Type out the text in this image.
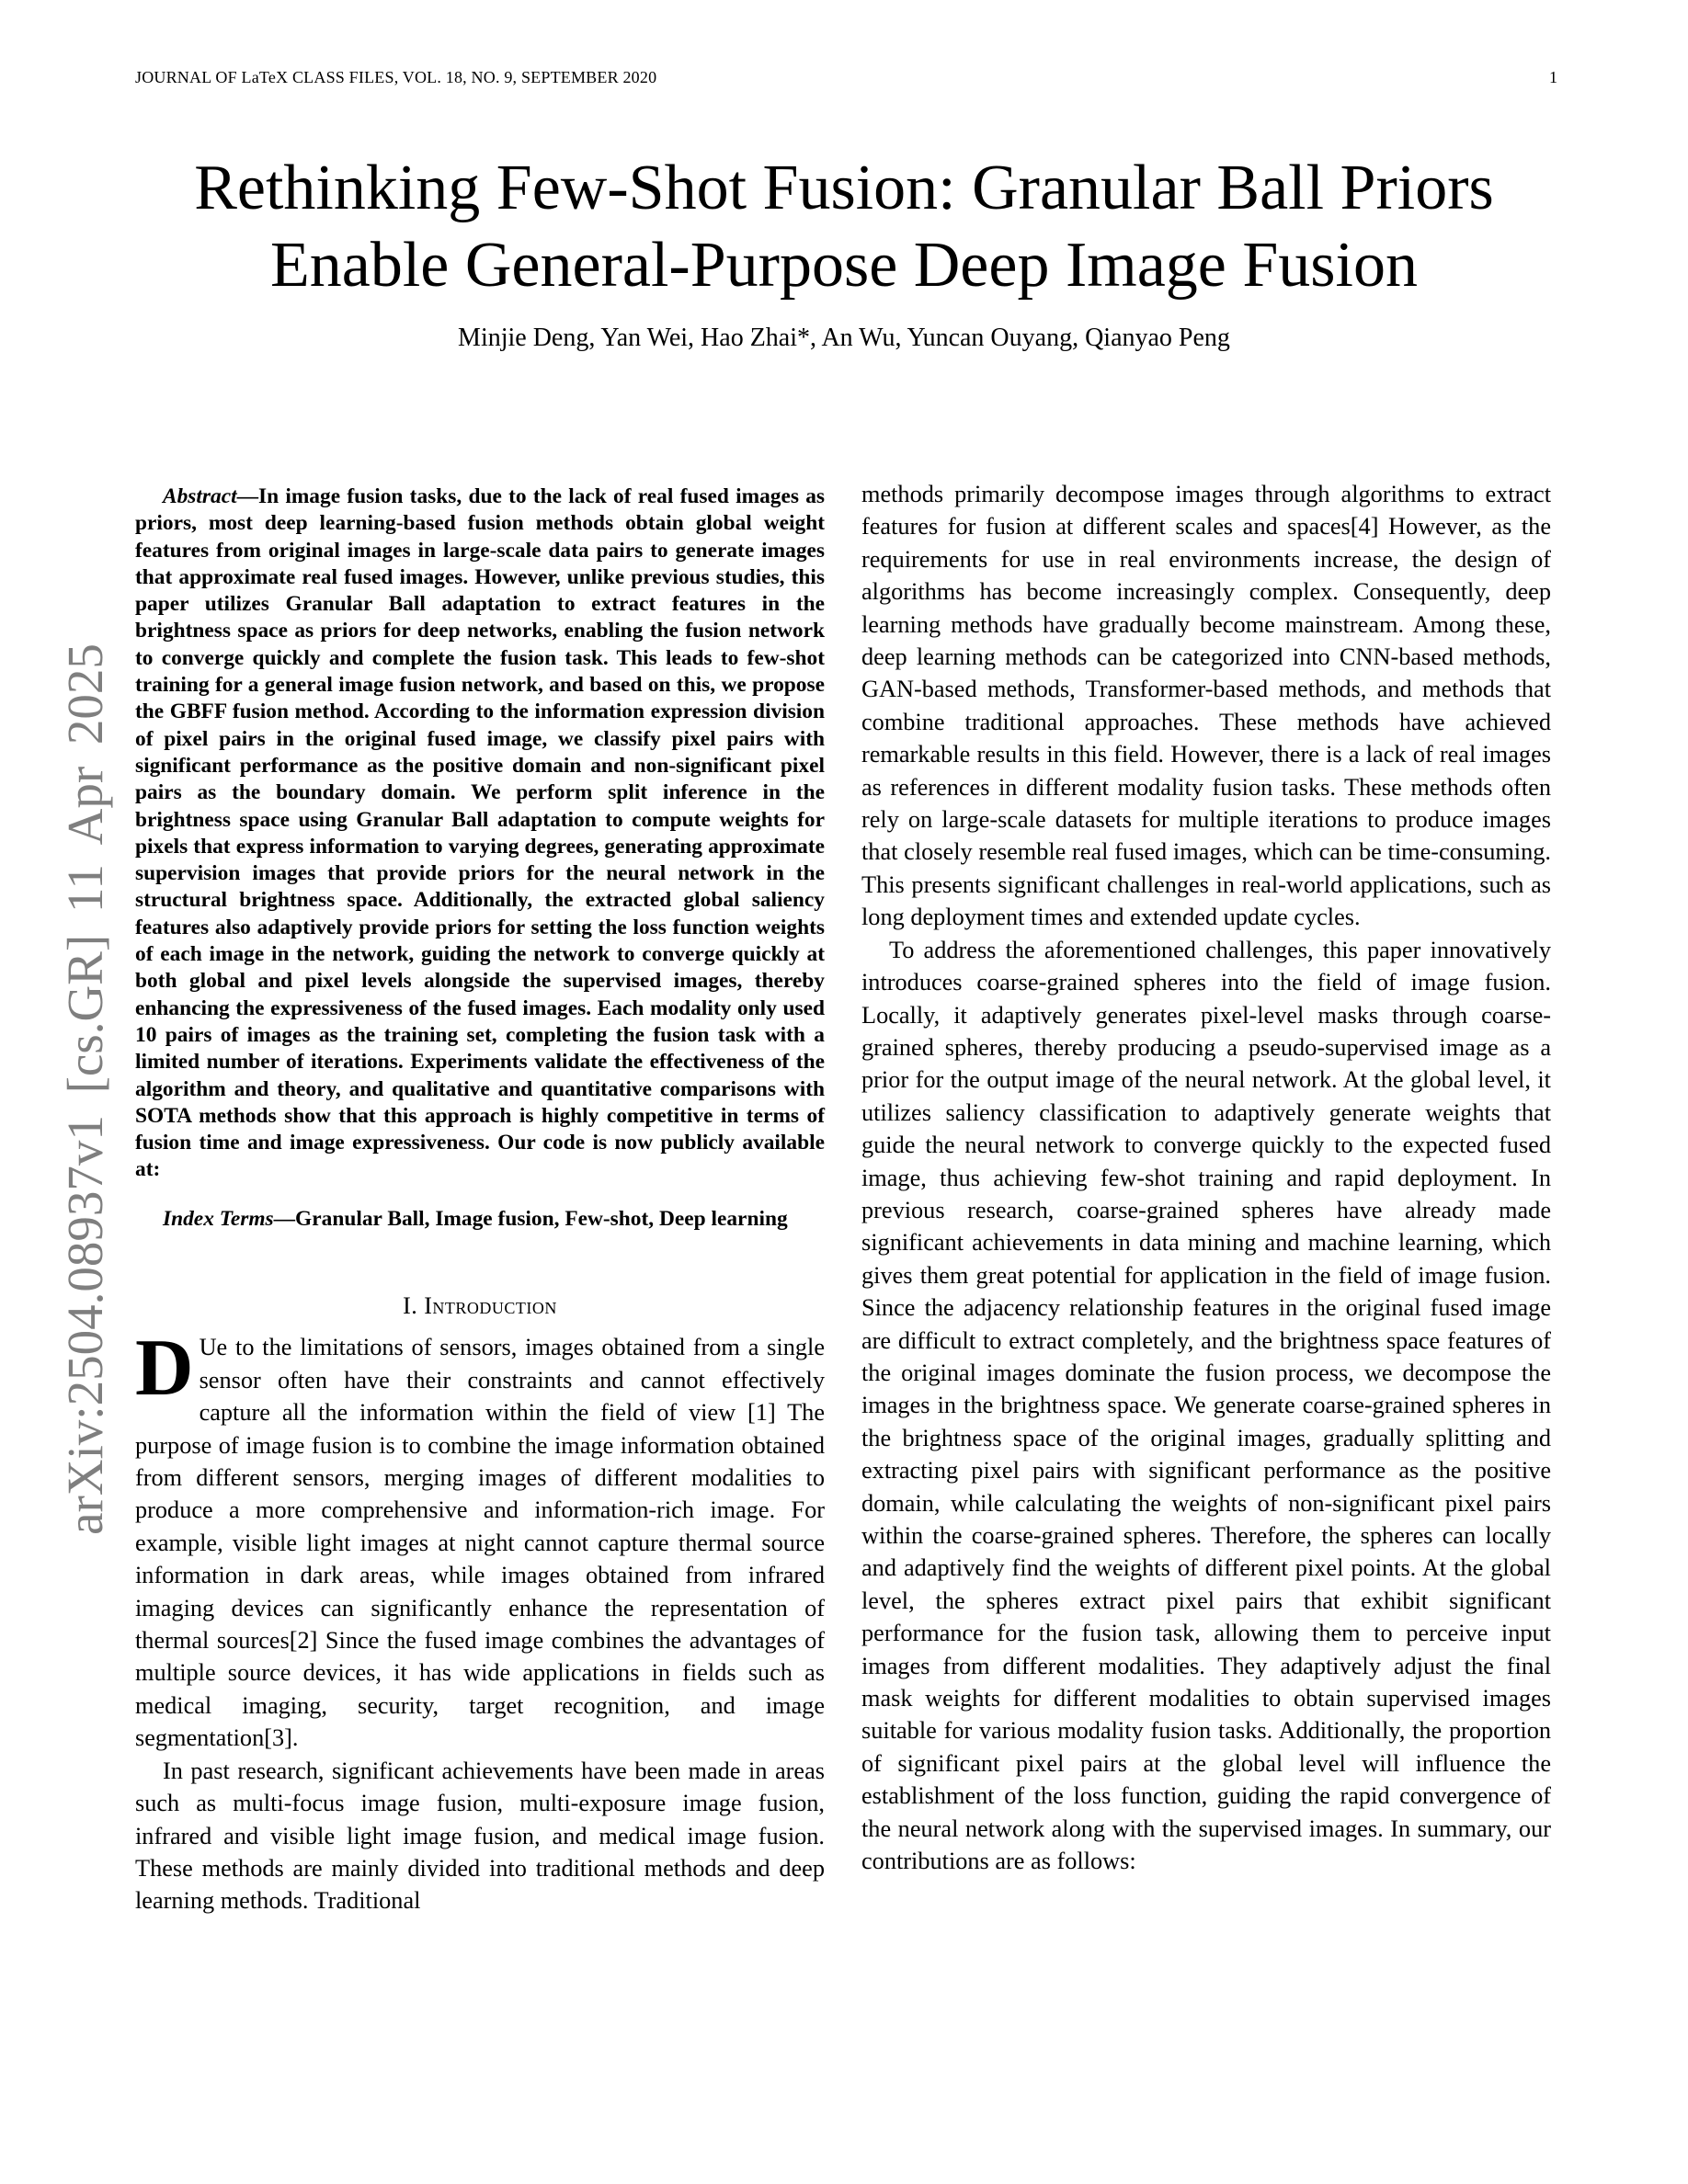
JOURNAL OF LaTeX CLASS FILES, VOL. 18, NO. 9, SEPTEMBER 2020	1
arXiv:2504.08937v1 [cs.GR] 11 Apr 2025
Rethinking Few-Shot Fusion: Granular Ball Priors Enable General-Purpose Deep Image Fusion
Minjie Deng, Yan Wei, Hao Zhai*, An Wu, Yuncan Ouyang, Qianyao Peng

Abstract—In image fusion tasks, due to the lack of real fused images as priors, most deep learning-based fusion methods obtain global weight features from original images in large-scale data pairs to generate images that approximate real fused images. However, unlike previous studies, this paper utilizes Granular Ball adaptation to extract features in the brightness space as priors for deep networks, enabling the fusion network to converge quickly and complete the fusion task. This leads to few-shot training for a general image fusion network, and based on this, we propose the GBFF fusion method. According to the information expression division of pixel pairs in the original fused image, we classify pixel pairs with significant performance as the positive domain and non-significant pixel pairs as the boundary domain. We perform split inference in the brightness space using Granular Ball adaptation to compute weights for pixels that express information to varying degrees, generating approximate supervision images that provide priors for the neural network in the structural brightness space. Additionally, the extracted global saliency features also adaptively provide priors for setting the loss function weights of each image in the network, guiding the network to converge quickly at both global and pixel levels alongside the supervised images, thereby enhancing the expressiveness of the fused images. Each modality only used 10 pairs of images as the training set, completing the fusion task with a limited number of iterations. Experiments validate the effectiveness of the algorithm and theory, and qualitative and quantitative comparisons with SOTA methods show that this approach is highly competitive in terms of fusion time and image expressiveness. Our code is now publicly available at:

Index Terms—Granular Ball, Image fusion, Few-shot, Deep learning

I. Introduction

D Ue to the limitations of sensors, images obtained from a single sensor often have their constraints and cannot effectively capture all the information within the field of view [1] The purpose of image fusion is to combine the image information obtained from different sensors, merging images of different modalities to produce a more comprehensive and information-rich image. For example, visible light images at night cannot capture thermal source information in dark areas, while images obtained from infrared imaging devices can significantly enhance the representation of thermal sources[2] Since the fused image combines the advantages of multiple source devices, it has wide applications in fields such as medical imaging, security, target recognition, and image segmentation[3].

In past research, significant achievements have been made in areas such as multi-focus image fusion, multi-exposure image fusion, infrared and visible light image fusion, and medical image fusion. These methods are mainly divided into traditional methods and deep learning methods. Traditional

methods primarily decompose images through algorithms to extract features for fusion at different scales and spaces[4] However, as the requirements for use in real environments increase, the design of algorithms has become increasingly complex. Consequently, deep learning methods have gradually become mainstream. Among these, deep learning methods can be categorized into CNN-based methods, GAN-based methods, Transformer-based methods, and methods that combine traditional approaches. These methods have achieved remarkable results in this field. However, there is a lack of real images as references in different modality fusion tasks. These methods often rely on large-scale datasets for multiple iterations to produce images that closely resemble real fused images, which can be time-consuming. This presents significant challenges in real-world applications, such as long deployment times and extended update cycles.

To address the aforementioned challenges, this paper innovatively introduces coarse-grained spheres into the field of image fusion. Locally, it adaptively generates pixel-level masks through coarse-grained spheres, thereby producing a pseudo-supervised image as a prior for the output image of the neural network. At the global level, it utilizes saliency classification to adaptively generate weights that guide the neural network to converge quickly to the expected fused image, thus achieving few-shot training and rapid deployment. In previous research, coarse-grained spheres have already made significant achievements in data mining and machine learning, which gives them great potential for application in the field of image fusion. Since the adjacency relationship features in the original fused image are difficult to extract completely, and the brightness space features of the original images dominate the fusion process, we decompose the images in the brightness space. We generate coarse-grained spheres in the brightness space of the original images, gradually splitting and extracting pixel pairs with significant performance as the positive domain, while calculating the weights of non-significant pixel pairs within the coarse-grained spheres. Therefore, the spheres can locally and adaptively find the weights of different pixel points. At the global level, the spheres extract pixel pairs that exhibit significant performance for the fusion task, allowing them to perceive input images from different modalities. They adaptively adjust the final mask weights for different modalities to obtain supervised images suitable for various modality fusion tasks. Additionally, the proportion of significant pixel pairs at the global level will influence the establishment of the loss function, guiding the rapid convergence of the neural network along with the supervised images. In summary, our contributions are as follows:
